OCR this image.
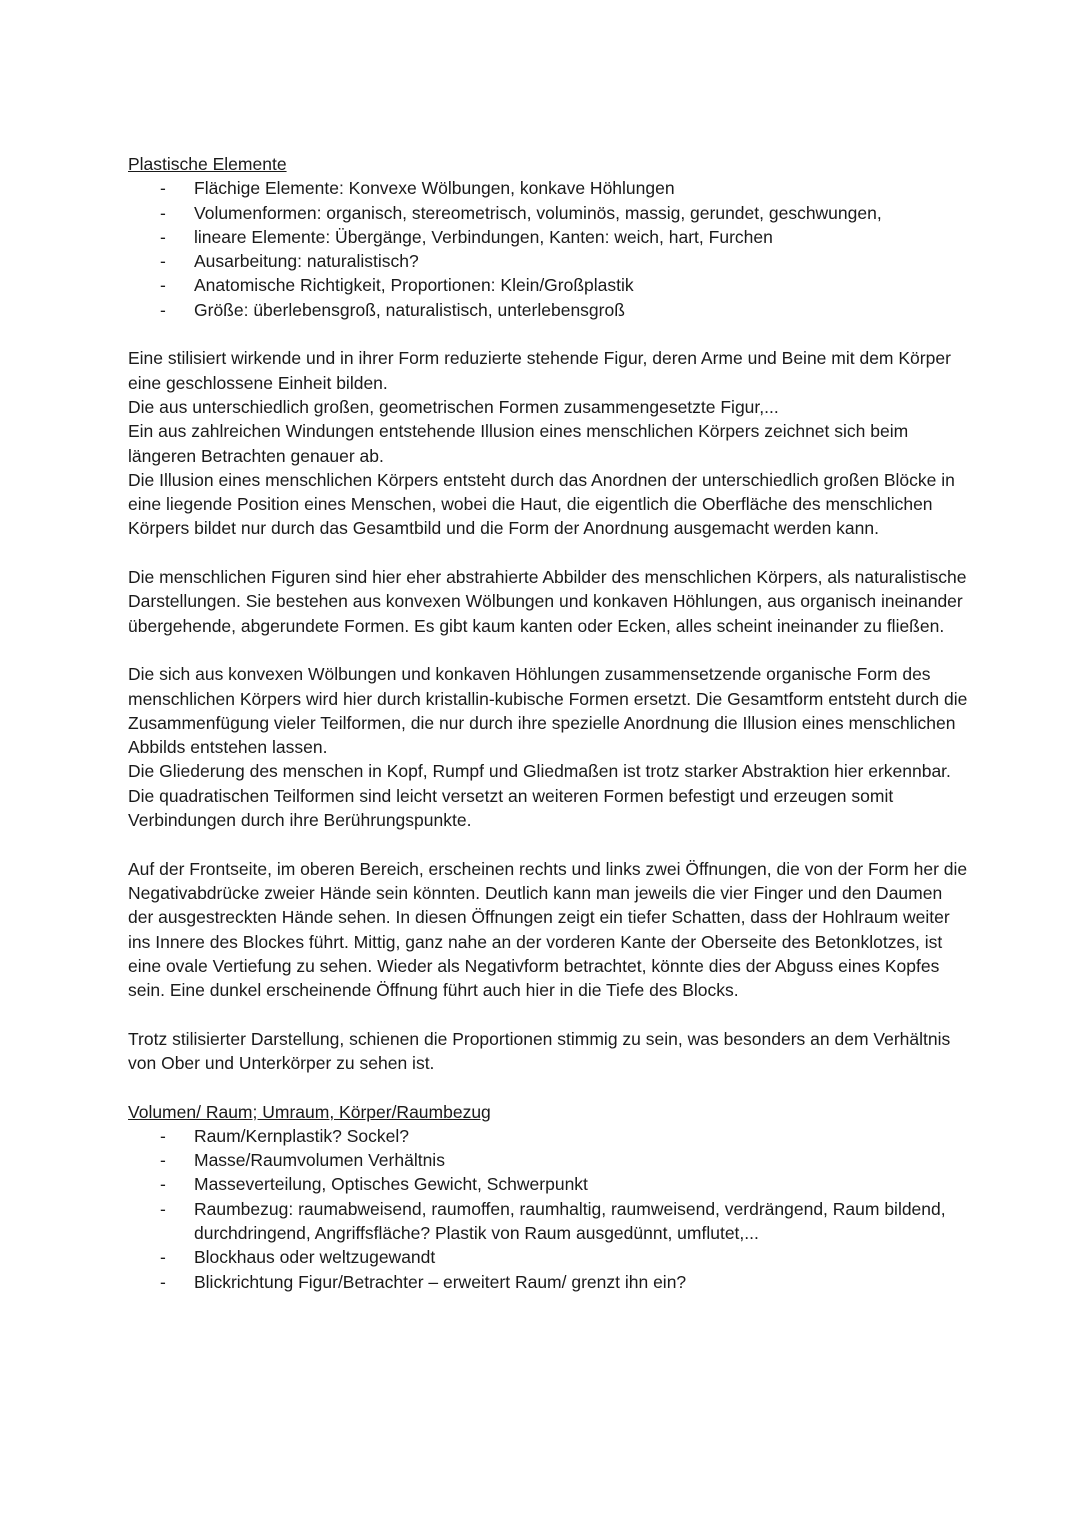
Plastische Elemente

- Flächige Elemente: Konvexe Wölbungen, konkave Höhlungen
- Volumenformen: organisch, stereometrisch, voluminös, massig, gerundet, geschwungen,
- lineare Elemente: Übergänge, Verbindungen, Kanten: weich, hart, Furchen
- Ausarbeitung: naturalistisch?
- Anatomische Richtigkeit, Proportionen: Klein/Großplastik
- Größe: überlebensgroß, naturalistisch, unterlebensgroß

Eine stilisiert wirkende und in ihrer Form reduzierte stehende Figur, deren Arme und Beine mit dem Körper eine geschlossene Einheit bilden.

Die aus unterschiedlich großen, geometrischen Formen zusammengesetzte Figur,...

Ein aus zahlreichen Windungen entstehende Illusion eines menschlichen Körpers zeichnet sich beim längeren Betrachten genauer ab.

Die Illusion eines menschlichen Körpers entsteht durch das Anordnen der unterschiedlich großen Blöcke in eine liegende Position eines Menschen, wobei die Haut, die eigentlich die Oberfläche des menschlichen Körpers bildet nur durch das Gesamtbild und die Form der Anordnung ausgemacht werden kann.

Die menschlichen Figuren sind hier eher abstrahierte Abbilder des menschlichen Körpers, als naturalistische Darstellungen. Sie bestehen aus konvexen Wölbungen und konkaven Höhlungen, aus organisch ineinander übergehende, abgerundete Formen. Es gibt kaum kanten oder Ecken, alles scheint ineinander zu fließen.

Die sich aus konvexen Wölbungen und konkaven Höhlungen zusammensetzende organische Form des menschlichen Körpers wird hier durch kristallin-kubische Formen ersetzt. Die Gesamtform entsteht durch die Zusammenfügung vieler Teilformen, die nur durch ihre spezielle Anordnung die Illusion eines menschlichen Abbilds entstehen lassen.

Die Gliederung des menschen in Kopf, Rumpf und Gliedmaßen ist trotz starker Abstraktion hier erkennbar. Die quadratischen Teilformen sind leicht versetzt an weiteren Formen befestigt und erzeugen somit Verbindungen durch ihre Berührungspunkte.

Auf der Frontseite, im oberen Bereich, erscheinen rechts und links zwei Öffnungen, die von der Form her die Negativabdrücke zweier Hände sein könnten. Deutlich kann man jeweils die vier Finger und den Daumen der ausgestreckten Hände sehen. In diesen Öffnungen zeigt ein tiefer Schatten, dass der Hohlraum weiter ins Innere des Blockes führt. Mittig, ganz nahe an der vorderen Kante der Oberseite des Betonklotzes, ist eine ovale Vertiefung zu sehen. Wieder als Negativform betrachtet, könnte dies der Abguss eines Kopfes sein. Eine dunkel erscheinende Öffnung führt auch hier in die Tiefe des Blocks.

Trotz stilisierter Darstellung, schienen die Proportionen stimmig zu sein, was besonders an dem Verhältnis von Ober und Unterkörper zu sehen ist.

Volumen/ Raum; Umraum, Körper/Raumbezug

- Raum/Kernplastik? Sockel?
- Masse/Raumvolumen Verhältnis
- Masseverteilung, Optisches Gewicht, Schwerpunkt
- Raumbezug: raumabweisend, raumoffen, raumhaltig, raumweisend, verdrängend, Raum bildend, durchdringend, Angriffsfläche? Plastik von Raum ausgedünnt, umflutet,...
- Blockhaus oder weltzugewandt
- Blickrichtung Figur/Betrachter – erweitert Raum/ grenzt ihn ein?
